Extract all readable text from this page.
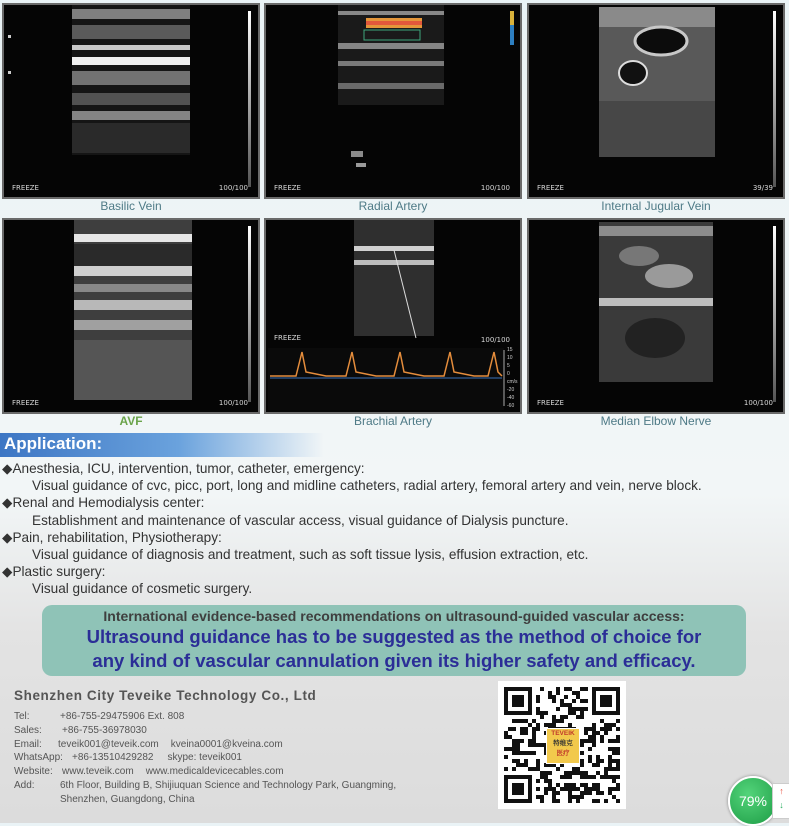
FREEZE	100/100
Basilic Vein
FREEZE	100/100
Radial Artery
FREEZE	39/39
Internal Jugular Vein
FREEZE	100/100
AVF
15
10
5
0
cm/s
-20
-40
-60
FREEZE	100/100
Brachial Artery
FREEZE	100/100
Median Elbow Nerve
Application:
◆Anesthesia, ICU, intervention, tumor, catheter, emergency:
Visual guidance of cvc, picc, port, long and midline catheters, radial artery, femoral artery and vein, nerve block.
◆Renal and Hemodialysis center:
Establishment and maintenance of vascular access, visual guidance of Dialysis puncture.
◆Pain, rehabilitation, Physiotherapy:
Visual guidance of diagnosis and treatment, such as soft tissue lysis, effusion extraction, etc.
◆Plastic surgery:
Visual guidance of cosmetic surgery.
International evidence-based recommendations on ultrasound-guided vascular access:
Ultrasound guidance has to be suggested as the method of choice for
any kind of vascular cannulation given its higher safety and efficacy.
Shenzhen City Teveike Technology Co., Ltd
Tel:	+86-755-29475906 Ext. 808
Sales: +86-755-36978030
Email: teveik001@teveik.com kveina0001@kveina.com
WhatsApp: +86-13510429282 skype: teveik001
Website: www.teveik.com www.medicaldevicecables.com
Add:	6th Floor, Building B, Shijiuquan Science and Technology Park, Guangming,
Shenzhen, Guangdong, China
TEVEIK
特维克
医疗
79%
↑
↓
